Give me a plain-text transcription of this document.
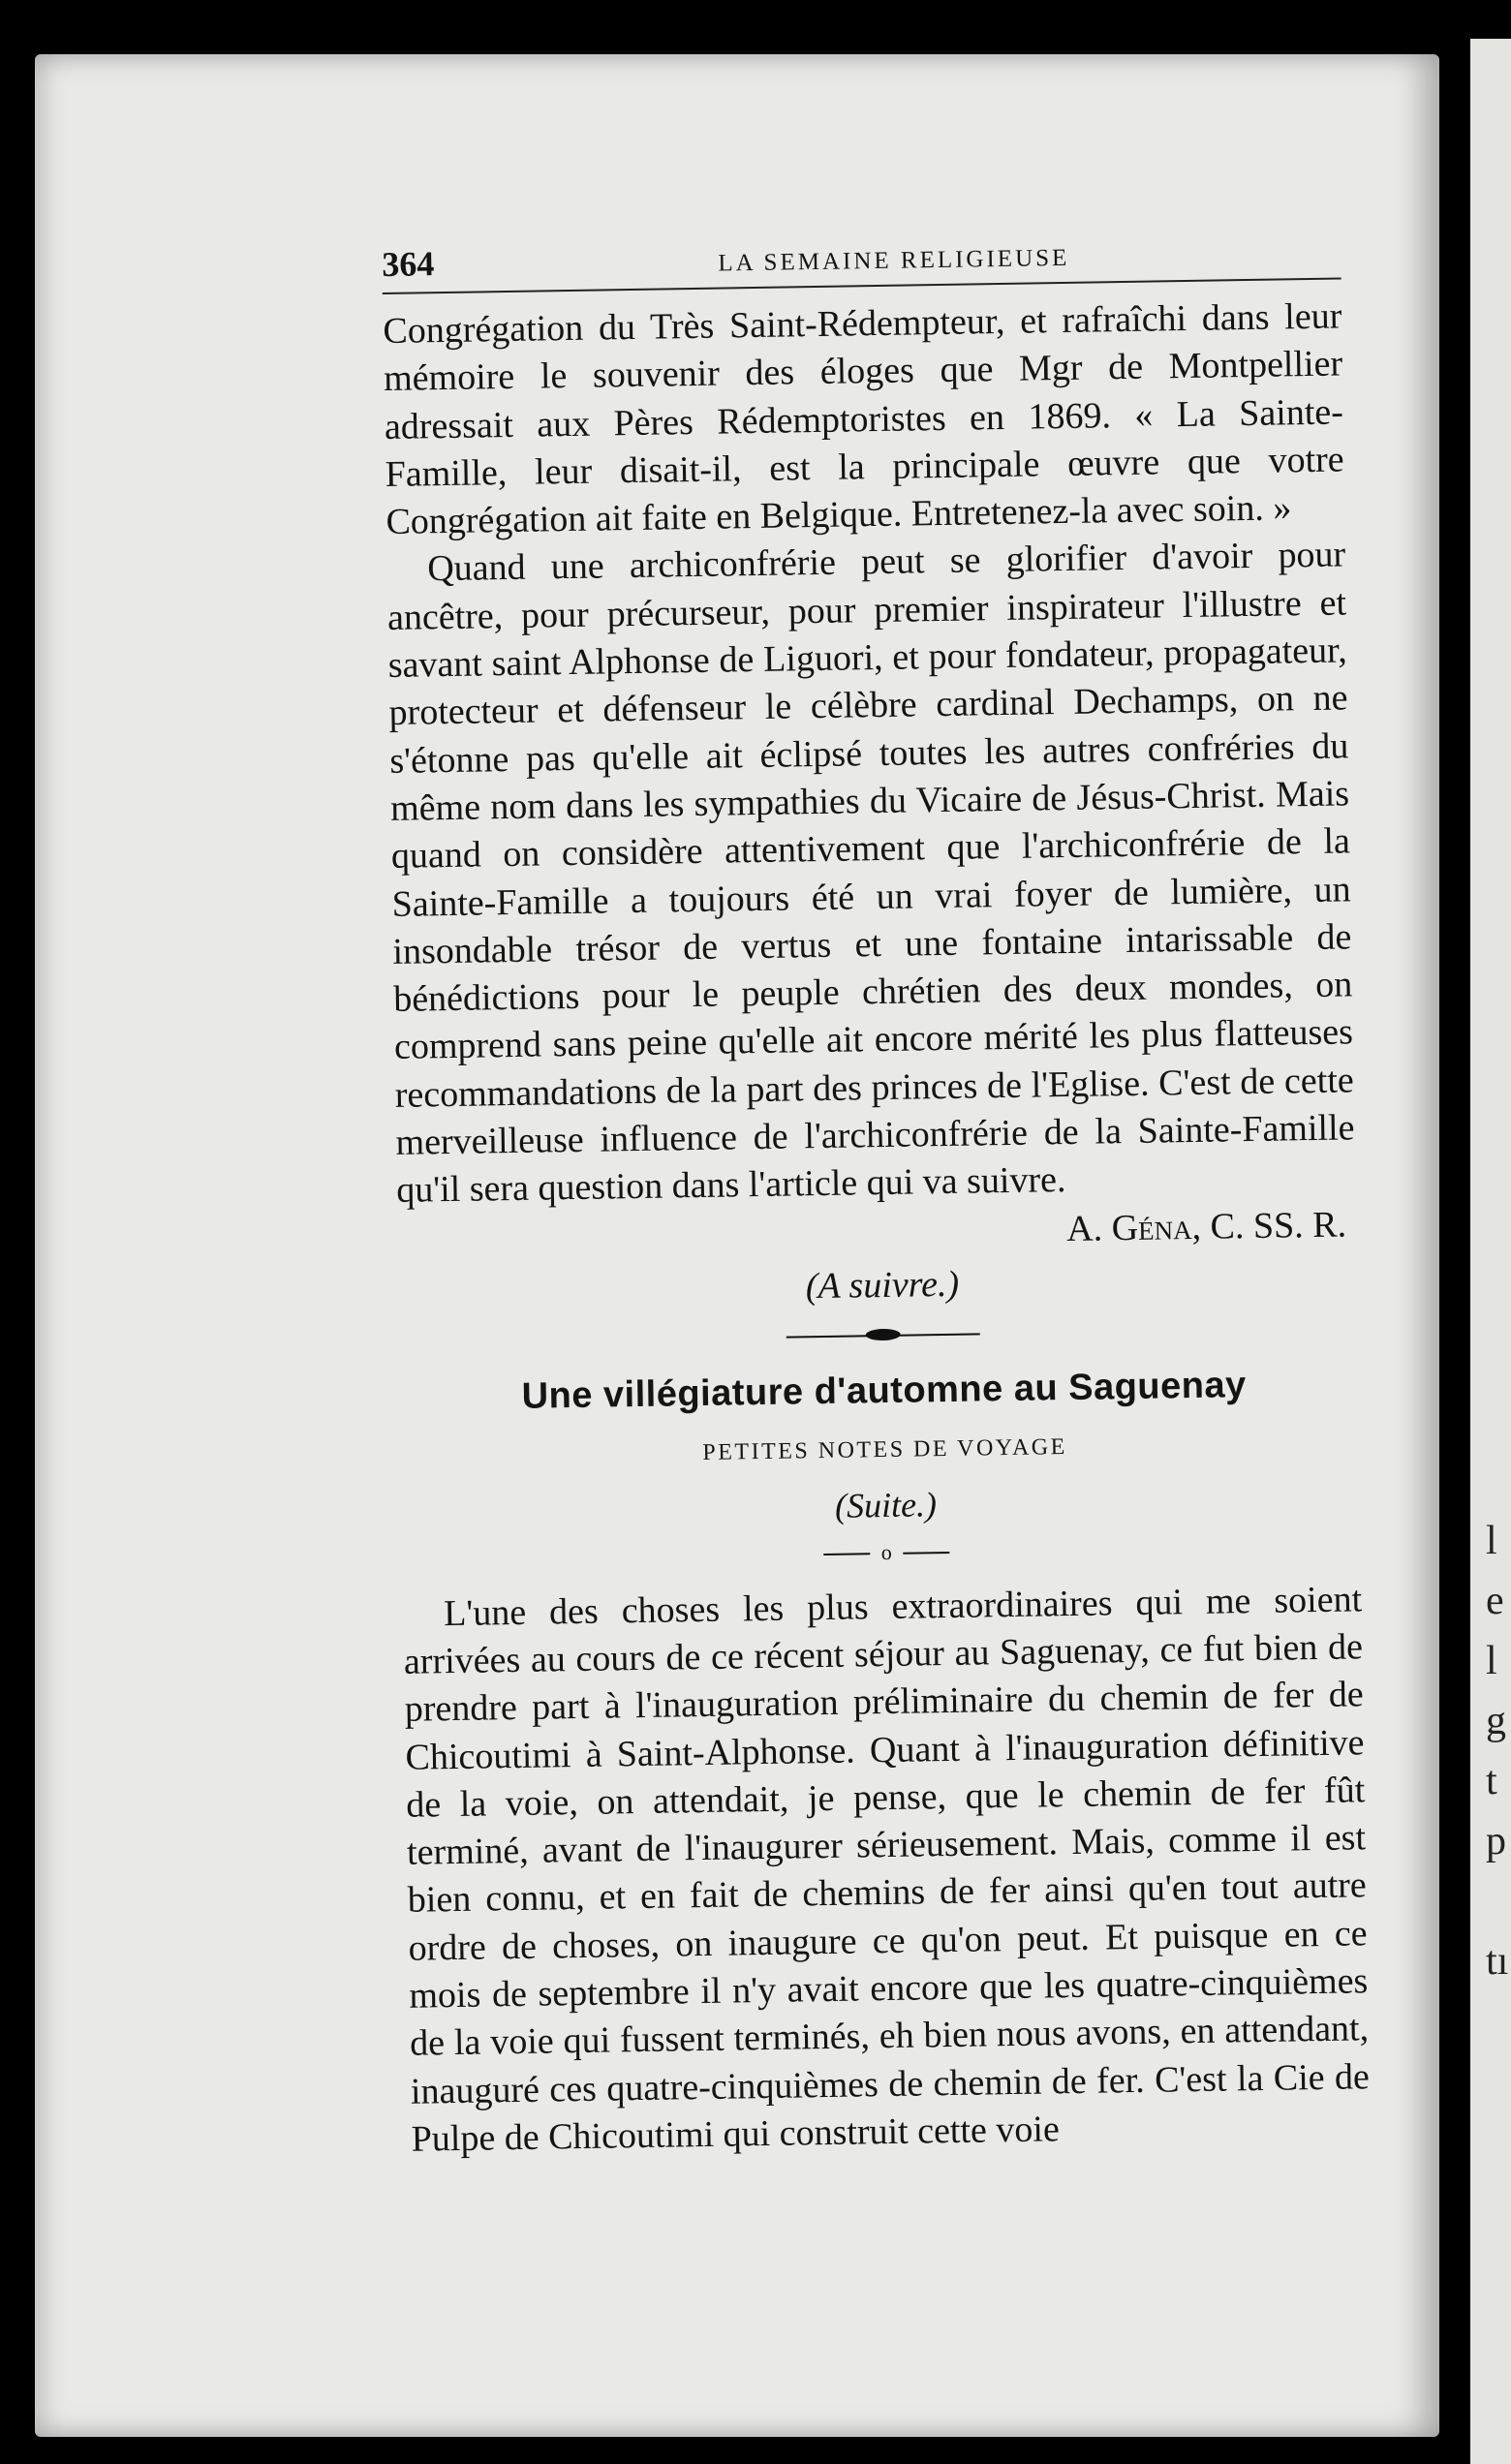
l
e
l
g
t
p

tı
364	LA SEMAINE RELIGIEUSE

Congrégation du Très Saint-Rédempteur, et rafraîchi dans leur mémoire le souvenir des éloges que Mgr de Montpellier adressait aux Pères Rédemptoristes en 1869. « La Sainte-Famille, leur disait-il, est la principale œuvre que votre Congrégation ait faite en Belgique. Entretenez-la avec soin. »

Quand une archiconfrérie peut se glorifier d'avoir pour ancêtre, pour précurseur, pour premier inspirateur l'illustre et savant saint Alphonse de Liguori, et pour fondateur, propagateur, protecteur et défenseur le célèbre cardinal Dechamps, on ne s'étonne pas qu'elle ait éclipsé toutes les autres confréries du même nom dans les sympathies du Vicaire de Jésus-Christ. Mais quand on considère attentivement que l'archiconfrérie de la Sainte-Famille a toujours été un vrai foyer de lumière, un insondable trésor de vertus et une fontaine intarissable de bénédictions pour le peuple chrétien des deux mondes, on comprend sans peine qu'elle ait encore mérité les plus flatteuses recommandations de la part des princes de l'Eglise. C'est de cette merveilleuse influence de l'archiconfrérie de la Sainte-Famille qu'il sera question dans l'article qui va suivre.

A. Géna, C. SS. R.
(A suivre.)
Une villégiature d'automne au Saguenay
PETITES NOTES DE VOYAGE
(Suite.)
o

L'une des choses les plus extraordinaires qui me soient arrivées au cours de ce récent séjour au Saguenay, ce fut bien de prendre part à l'inauguration préliminaire du chemin de fer de Chicoutimi à Saint-Alphonse. Quant à l'inauguration définitive de la voie, on attendait, je pense, que le chemin de fer fût terminé, avant de l'inaugurer sérieusement. Mais, comme il est bien connu, et en fait de chemins de fer ainsi qu'en tout autre ordre de choses, on inaugure ce qu'on peut. Et puisque en ce mois de septembre il n'y avait encore que les quatre-cinquièmes de la voie qui fussent terminés, eh bien nous avons, en attendant, inauguré ces quatre-cinquièmes de chemin de fer. C'est la Cie de Pulpe de Chicoutimi qui construit cette voie
